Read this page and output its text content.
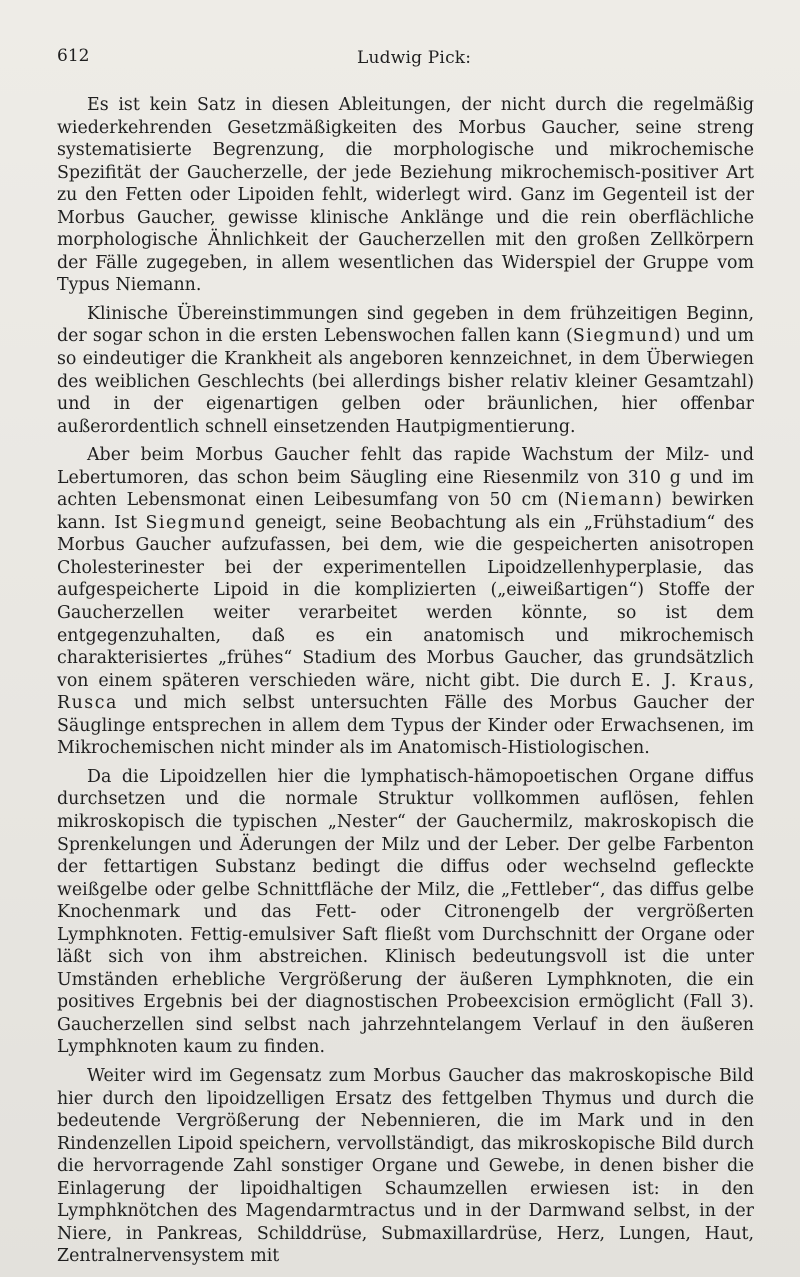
612	Ludwig Pick:

Es ist kein Satz in diesen Ableitungen, der nicht durch die regelmäßig wiederkehrenden Gesetzmäßigkeiten des Morbus Gaucher, seine streng systematisierte Begrenzung, die morphologische und mikrochemische Spezifität der Gaucherzelle, der jede Beziehung mikrochemisch-positiver Art zu den Fetten oder Lipoiden fehlt, widerlegt wird. Ganz im Gegenteil ist der Morbus Gaucher, gewisse klinische Anklänge und die rein oberflächliche morphologische Ähnlichkeit der Gaucherzellen mit den großen Zellkörpern der Fälle zugegeben, in allem wesentlichen das Widerspiel der Gruppe vom Typus Niemann.

Klinische Übereinstimmungen sind gegeben in dem frühzeitigen Beginn, der sogar schon in die ersten Lebenswochen fallen kann (Siegmund) und um so eindeutiger die Krankheit als angeboren kennzeichnet, in dem Überwiegen des weiblichen Geschlechts (bei allerdings bisher relativ kleiner Gesamtzahl) und in der eigenartigen gelben oder bräunlichen, hier offenbar außerordentlich schnell einsetzenden Hautpigmentierung.

Aber beim Morbus Gaucher fehlt das rapide Wachstum der Milz- und Lebertumoren, das schon beim Säugling eine Riesenmilz von 310 g und im achten Lebensmonat einen Leibesumfang von 50 cm (Niemann) bewirken kann. Ist Siegmund geneigt, seine Beobachtung als ein „Frühstadium“ des Morbus Gaucher aufzufassen, bei dem, wie die gespeicherten anisotropen Cholesterinester bei der experimentellen Lipoidzellenhyperplasie, das aufgespeicherte Lipoid in die komplizierten („eiweißartigen“) Stoffe der Gaucherzellen weiter verarbeitet werden könnte, so ist dem entgegenzuhalten, daß es ein anatomisch und mikrochemisch charakterisiertes „frühes“ Stadium des Morbus Gaucher, das grundsätzlich von einem späteren verschieden wäre, nicht gibt. Die durch E. J. Kraus, Rusca und mich selbst untersuchten Fälle des Morbus Gaucher der Säuglinge entsprechen in allem dem Typus der Kinder oder Erwachsenen, im Mikrochemischen nicht minder als im Anatomisch-Histiologischen.

Da die Lipoidzellen hier die lymphatisch-hämopoetischen Organe diffus durchsetzen und die normale Struktur vollkommen auflösen, fehlen mikroskopisch die typischen „Nester“ der Gauchermilz, makroskopisch die Sprenkelungen und Äderungen der Milz und der Leber. Der gelbe Farbenton der fettartigen Substanz bedingt die diffus oder wechselnd gefleckte weißgelbe oder gelbe Schnittfläche der Milz, die „Fettleber“, das diffus gelbe Knochenmark und das Fett- oder Citronengelb der vergrößerten Lymphknoten. Fettig-emulsiver Saft fließt vom Durchschnitt der Organe oder läßt sich von ihm abstreichen. Klinisch bedeutungsvoll ist die unter Umständen erhebliche Vergrößerung der äußeren Lymphknoten, die ein positives Ergebnis bei der diagnostischen Probeexcision ermöglicht (Fall 3). Gaucherzellen sind selbst nach jahrzehntelangem Verlauf in den äußeren Lymphknoten kaum zu finden.

Weiter wird im Gegensatz zum Morbus Gaucher das makroskopische Bild hier durch den lipoidzelligen Ersatz des fettgelben Thymus und durch die bedeutende Vergrößerung der Nebennieren, die im Mark und in den Rindenzellen Lipoid speichern, vervollständigt, das mikroskopische Bild durch die hervorragende Zahl sonstiger Organe und Gewebe, in denen bisher die Einlagerung der lipoidhaltigen Schaumzellen erwiesen ist: in den Lymphknötchen des Magendarmtractus und in der Darmwand selbst, in der Niere, in Pankreas, Schilddrüse, Submaxillardrüse, Herz, Lungen, Haut, Zentralnervensystem mit
